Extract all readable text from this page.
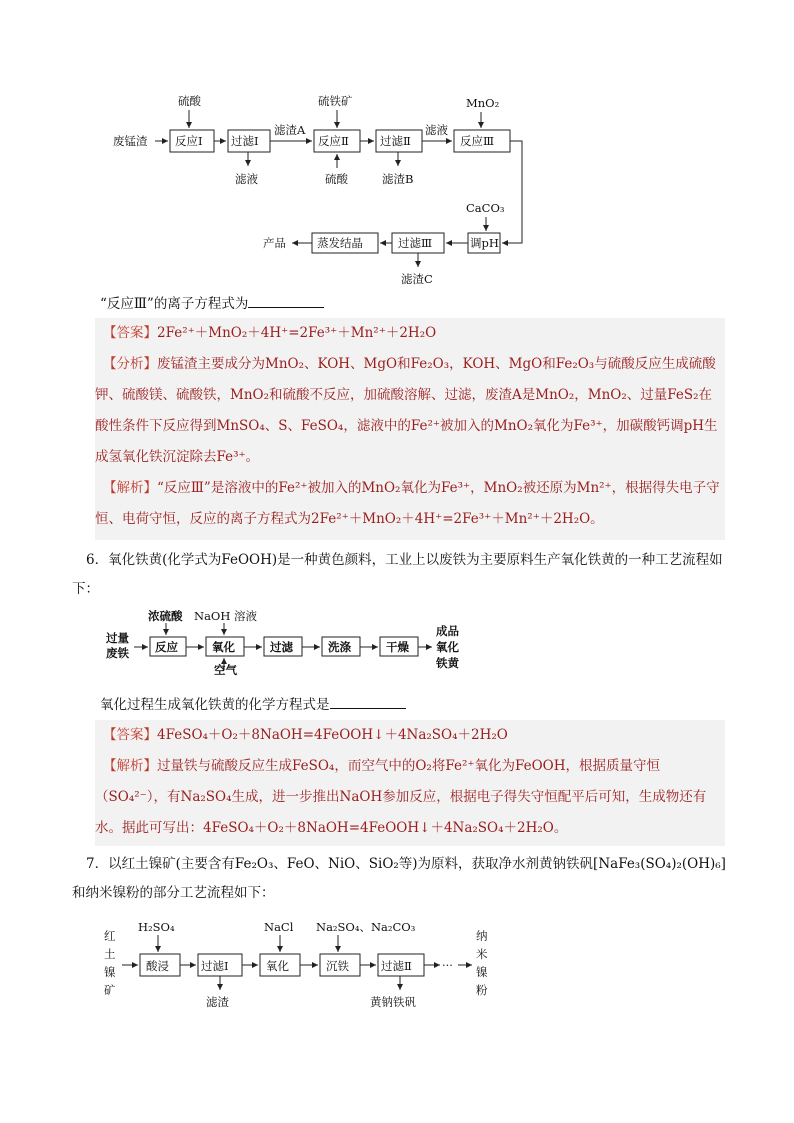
废锰渣
硫酸
反应Ⅰ 过滤Ⅰ
滤液
滤渣A
硫铁矿
反应Ⅱ
硫酸
过滤Ⅱ
滤渣B
滤液
MnO₂
反应Ⅲ
CaCO₃
调pH
过滤Ⅲ
滤渣C
蒸发结晶
产品

“反应Ⅲ”的离子方程式为

【答案】2Fe²⁺＋MnO₂＋4H⁺=2Fe³⁺＋Mn²⁺＋2H₂O

【分析】废锰渣主要成分为MnO₂、KOH、MgO和Fe₂O₃，KOH、MgO和Fe₂O₃与硫酸反应生成硫酸钾、硫酸镁、硫酸铁，MnO₂和硫酸不反应，加硫酸溶解、过滤，废渣A是MnO₂，MnO₂、过量FeS₂在酸性条件下反应得到MnSO₄、S、FeSO₄，滤液中的Fe²⁺被加入的MnO₂氧化为Fe³⁺，加碳酸钙调pH生成氢氧化铁沉淀除去Fe³⁺。

【解析】“反应Ⅲ”是溶液中的Fe²⁺被加入的MnO₂氧化为Fe³⁺，MnO₂被还原为Mn²⁺，根据得失电子守恒、电荷守恒，反应的离子方程式为2Fe²⁺＋MnO₂＋4H⁺=2Fe³⁺＋Mn²⁺＋2H₂O。

6．氧化铁黄(化学式为FeOOH)是一种黄色颜料，工业上以废铁为主要原料生产氧化铁黄的一种工艺流程如下：

过量
废铁
浓硫酸
反应
NaOH 溶液
氧化
空气
过滤	洗涤	干燥
成品
氧化
铁黄

氧化过程生成氧化铁黄的化学方程式是

【答案】4FeSO₄＋O₂＋8NaOH=4FeOOH↓＋4Na₂SO₄＋2H₂O

【解析】过量铁与硫酸反应生成FeSO₄，而空气中的O₂将Fe²⁺氧化为FeOOH，根据质量守恒（SO₄²⁻），有Na₂SO₄生成，进一步推出NaOH参加反应，根据电子得失守恒配平后可知，生成物还有水。据此可写出：4FeSO₄＋O₂＋8NaOH=4FeOOH↓＋4Na₂SO₄＋2H₂O。

7．以红土镍矿(主要含有Fe₂O₃、FeO、NiO、SiO₂等)为原料，获取净水剂黄钠铁矾[NaFe₃(SO₄)₂(OH)₆]和纳米镍粉的部分工艺流程如下：

红
土
镍
矿
H₂SO₄
酸浸	过滤Ⅰ
滤渣
NaCl
氧化
Na₂SO₄、Na₂CO₃
沉铁	过滤Ⅱ
黄钠铁矾
···
纳
米
镍
粉
